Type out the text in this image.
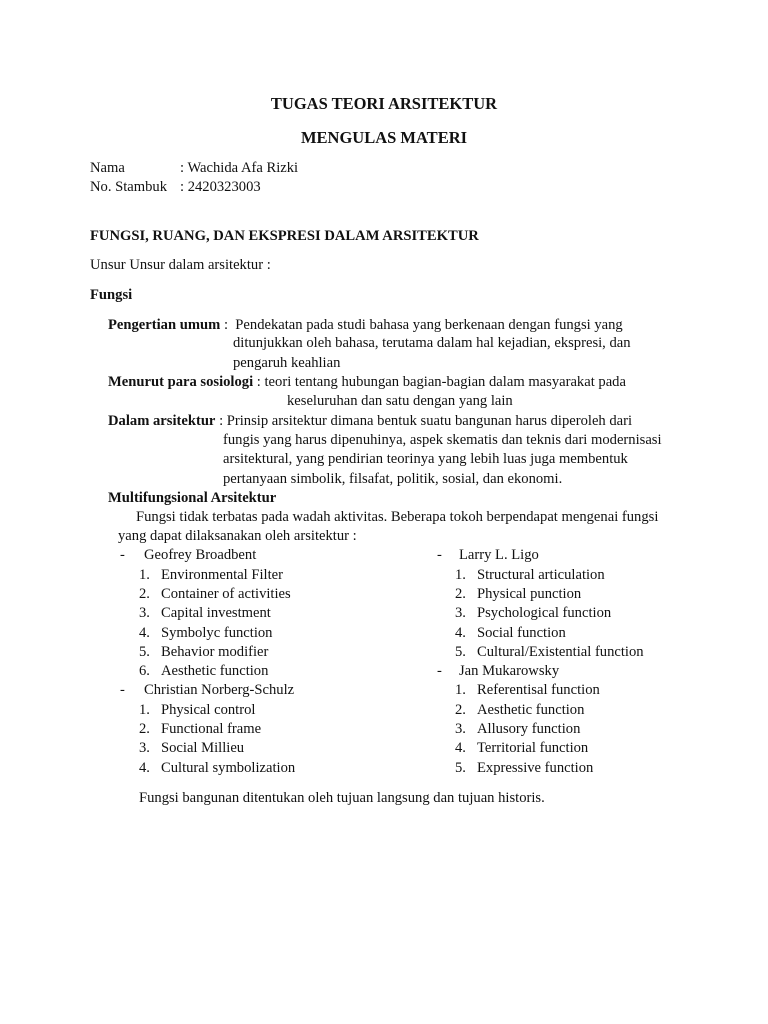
TUGAS TEORI ARSITEKTUR
MENGULAS MATERI
Nama	: Wachida Afa Rizki
No. Stambuk : 2420323003
FUNGSI, RUANG, DAN EKSPRESI DALAM ARSITEKTUR
Unsur Unsur dalam arsitektur :
Fungsi
Pengertian umum :  Pendekatan pada studi bahasa yang berkenaan dengan fungsi yang
ditunjukkan oleh bahasa, terutama dalam hal kejadian, ekspresi, dan
pengaruh keahlian
Menurut para sosiologi : teori tentang hubungan bagian-bagian dalam masyarakat pada
keseluruhan dan satu dengan yang lain
Dalam arsitektur : Prinsip arsitektur dimana bentuk suatu bangunan harus diperoleh dari
fungis yang harus dipenuhinya, aspek skematis dan teknis dari modernisasi
arsitektural, yang pendirian teorinya yang lebih luas juga membentuk
pertanyaan simbolik, filsafat, politik, sosial, dan ekonomi.
Multifungsional Arsitektur
Fungsi tidak terbatas pada wadah aktivitas. Beberapa tokoh berpendapat mengenai fungsi
yang dapat dilaksanakan oleh arsitektur :
- Geofrey Broadbent
1. Environmental Filter
2. Container of activities
3. Capital investment
4. Symbolyc function
5. Behavior modifier
6. Aesthetic function
- Christian Norberg-Schulz
1. Physical control
2. Functional frame
3. Social Millieu
4. Cultural symbolization
- Larry L. Ligo
1. Structural articulation
2. Physical punction
3. Psychological function
4. Social function
5. Cultural/Existential function
- Jan Mukarowsky
1. Referentisal function
2. Aesthetic function
3. Allusory function
4. Territorial function
5. Expressive function
Fungsi bangunan ditentukan oleh tujuan langsung dan tujuan historis.
